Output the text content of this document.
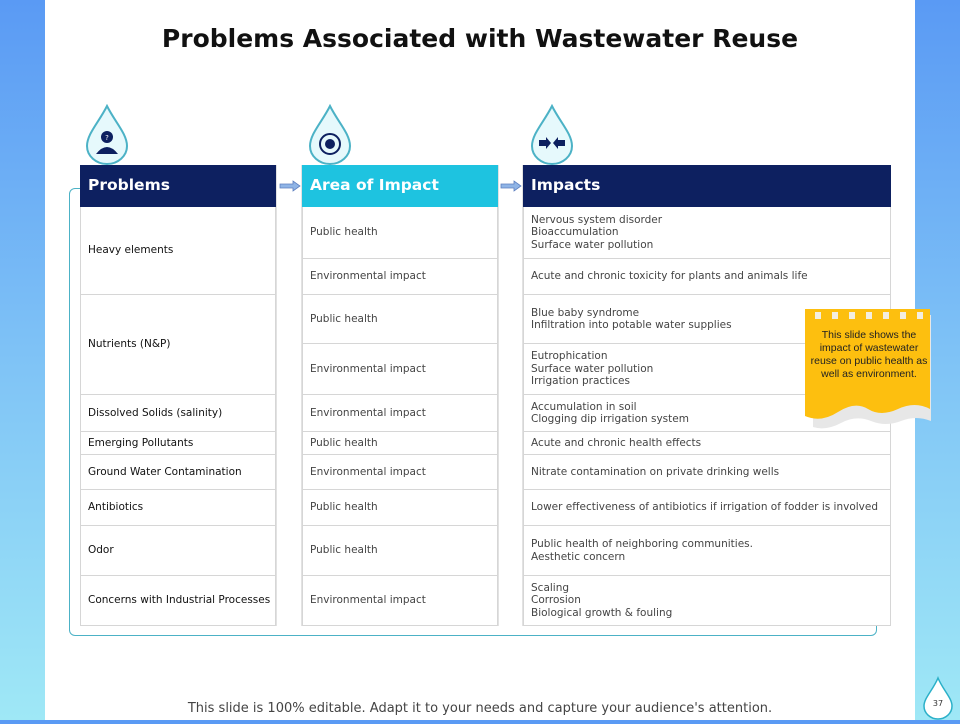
Problems Associated with Wastewater Reuse
?
Problems
Heavy elements
Nutrients (N&P)
Dissolved Solids (salinity)
Emerging Pollutants
Ground Water Contamination
Antibiotics
Odor
Concerns with Industrial Processes
Area of Impact
Public health
Environmental impact
Public health
Environmental impact
Environmental impact
Public health
Environmental impact
Public health
Public health
Environmental impact
Impacts
Nervous system disorder
Bioaccumulation
Surface water pollution
Acute and chronic toxicity for plants and animals life
Blue baby syndrome
Infiltration into potable water supplies
Eutrophication
Surface water pollution
Irrigation practices
Accumulation in soil
Clogging dip irrigation system
Acute and chronic health effects
Nitrate contamination on private drinking wells
Lower effectiveness of antibiotics if irrigation of fodder is involved
Public health of neighboring communities.
Aesthetic concern
Scaling
Corrosion
Biological growth & fouling
This slide shows the impact of wastewater reuse on public health as well as environment.
This slide is 100% editable. Adapt it to your needs and capture your audience's attention.	37
